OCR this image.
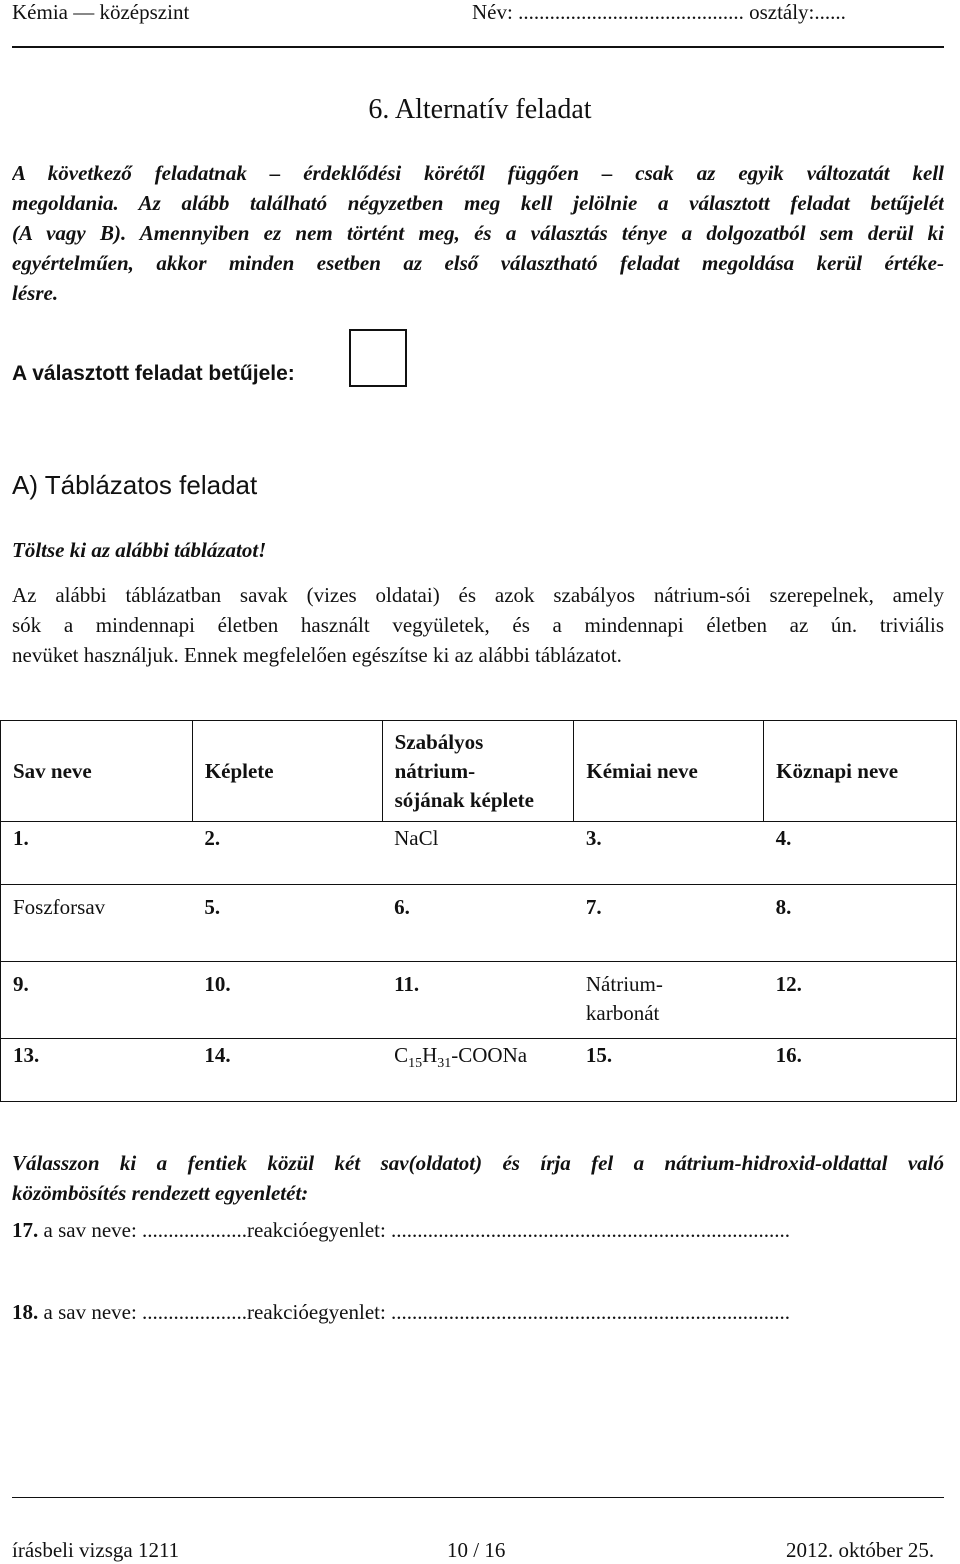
Kémia — középszint	Név: ........................................... osztály:......
6. Alternatív feladat
A következő feladatnak – érdeklődési körétől függően – csak az egyik változatát kell
megoldania. Az alább található négyzetben meg kell jelölnie a választott feladat betűjelét
(A vagy B). Amennyiben ez nem történt meg, és a választás ténye a dolgozatból sem derül ki
egyértelműen, akkor minden esetben az első választható feladat megoldása kerül értéke-
lésre.
A választott feladat betűjele:
A) Táblázatos feladat
Töltse ki az alábbi táblázatot!
Az alábbi táblázatban savak (vizes oldatai) és azok szabályos nátrium-sói szerepelnek, amely
sók a mindennapi életben használt vegyületek, és a mindennapi életben az ún. triviális
nevüket használjuk. Ennek megfelelően egészítse ki az alábbi táblázatot.
Sav neve	Képlete	Szabályos
nátrium-
sójának képlete	Kémiai neve	Köznapi neve
1.	2.	NaCl	3.	4.
Foszforsav	5.	6.	7.	8.
9.	10.	11.	Nátrium-
karbonát	12.
13.	14.	$C_{15}H_{31}$-COONa	15.	16.
Válasszon ki a fentiek közül két sav(oldatot) és írja fel a nátrium-hidroxid-oldattal való
közömbösítés rendezett egyenletét:
17. a sav neve: ....................reakcióegyenlet: ............................................................................
18. a sav neve: ....................reakcióegyenlet: ............................................................................
írásbeli vizsga 1211	10 / 16	2012. október 25.
